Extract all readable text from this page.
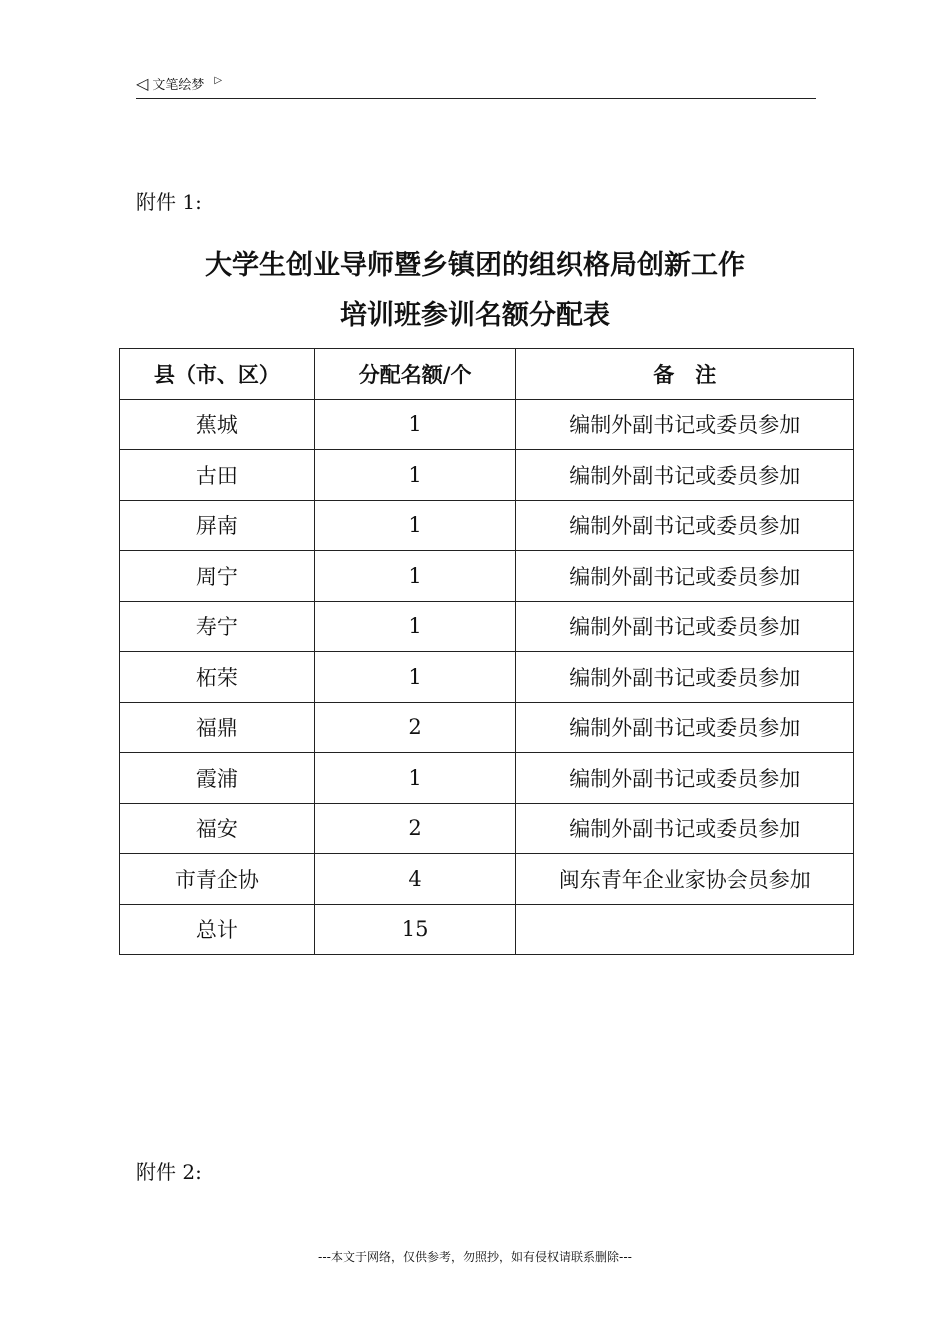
◁ 文笔绘梦 ▷
附件 1:
大学生创业导师暨乡镇团的组织格局创新工作
培训班参训名额分配表
县（市、区）	分配名额/个	备　注
蕉城	1	编制外副书记或委员参加
古田	1	编制外副书记或委员参加
屏南	1	编制外副书记或委员参加
周宁	1	编制外副书记或委员参加
寿宁	1	编制外副书记或委员参加
柘荣	1	编制外副书记或委员参加
福鼎	2	编制外副书记或委员参加
霞浦	1	编制外副书记或委员参加
福安	2	编制外副书记或委员参加
市青企协	4	闽东青年企业家协会员参加
总计	15	
附件 2:
---本文于网络，仅供参考，勿照抄，如有侵权请联系删除---
